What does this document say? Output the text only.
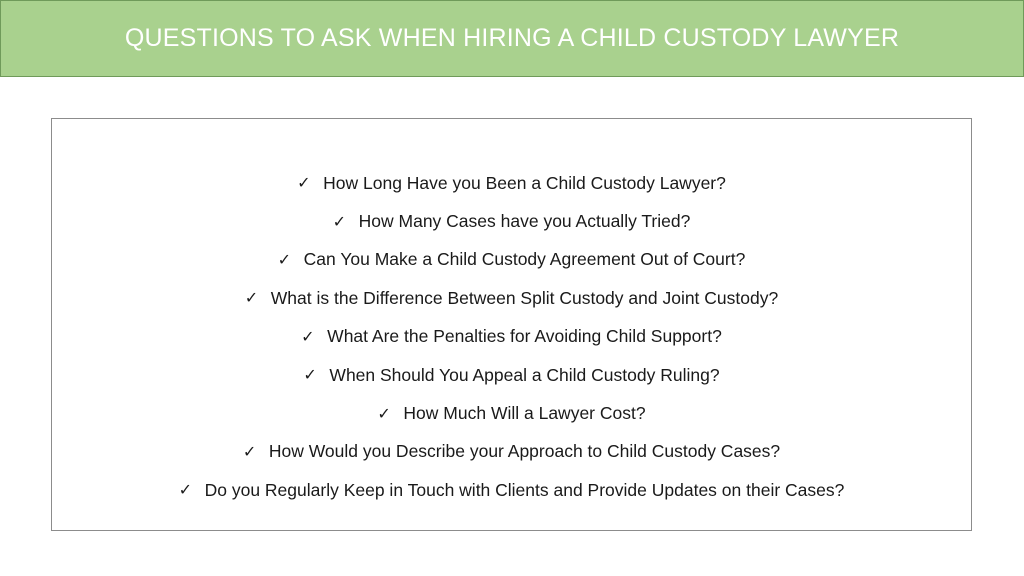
QUESTIONS TO ASK WHEN HIRING A CHILD CUSTODY LAWYER
✓ How Long Have you Been a Child Custody Lawyer?
✓ How Many Cases have you Actually Tried?
✓ Can You Make a Child Custody Agreement Out of Court?
✓ What is the Difference Between Split Custody and Joint Custody?
✓ What Are the Penalties for Avoiding Child Support?
✓ When Should You Appeal a Child Custody Ruling?
✓ How Much Will a Lawyer Cost?
✓ How Would you Describe your Approach to Child Custody Cases?
✓ Do you Regularly Keep in Touch with Clients and Provide Updates on their Cases?
